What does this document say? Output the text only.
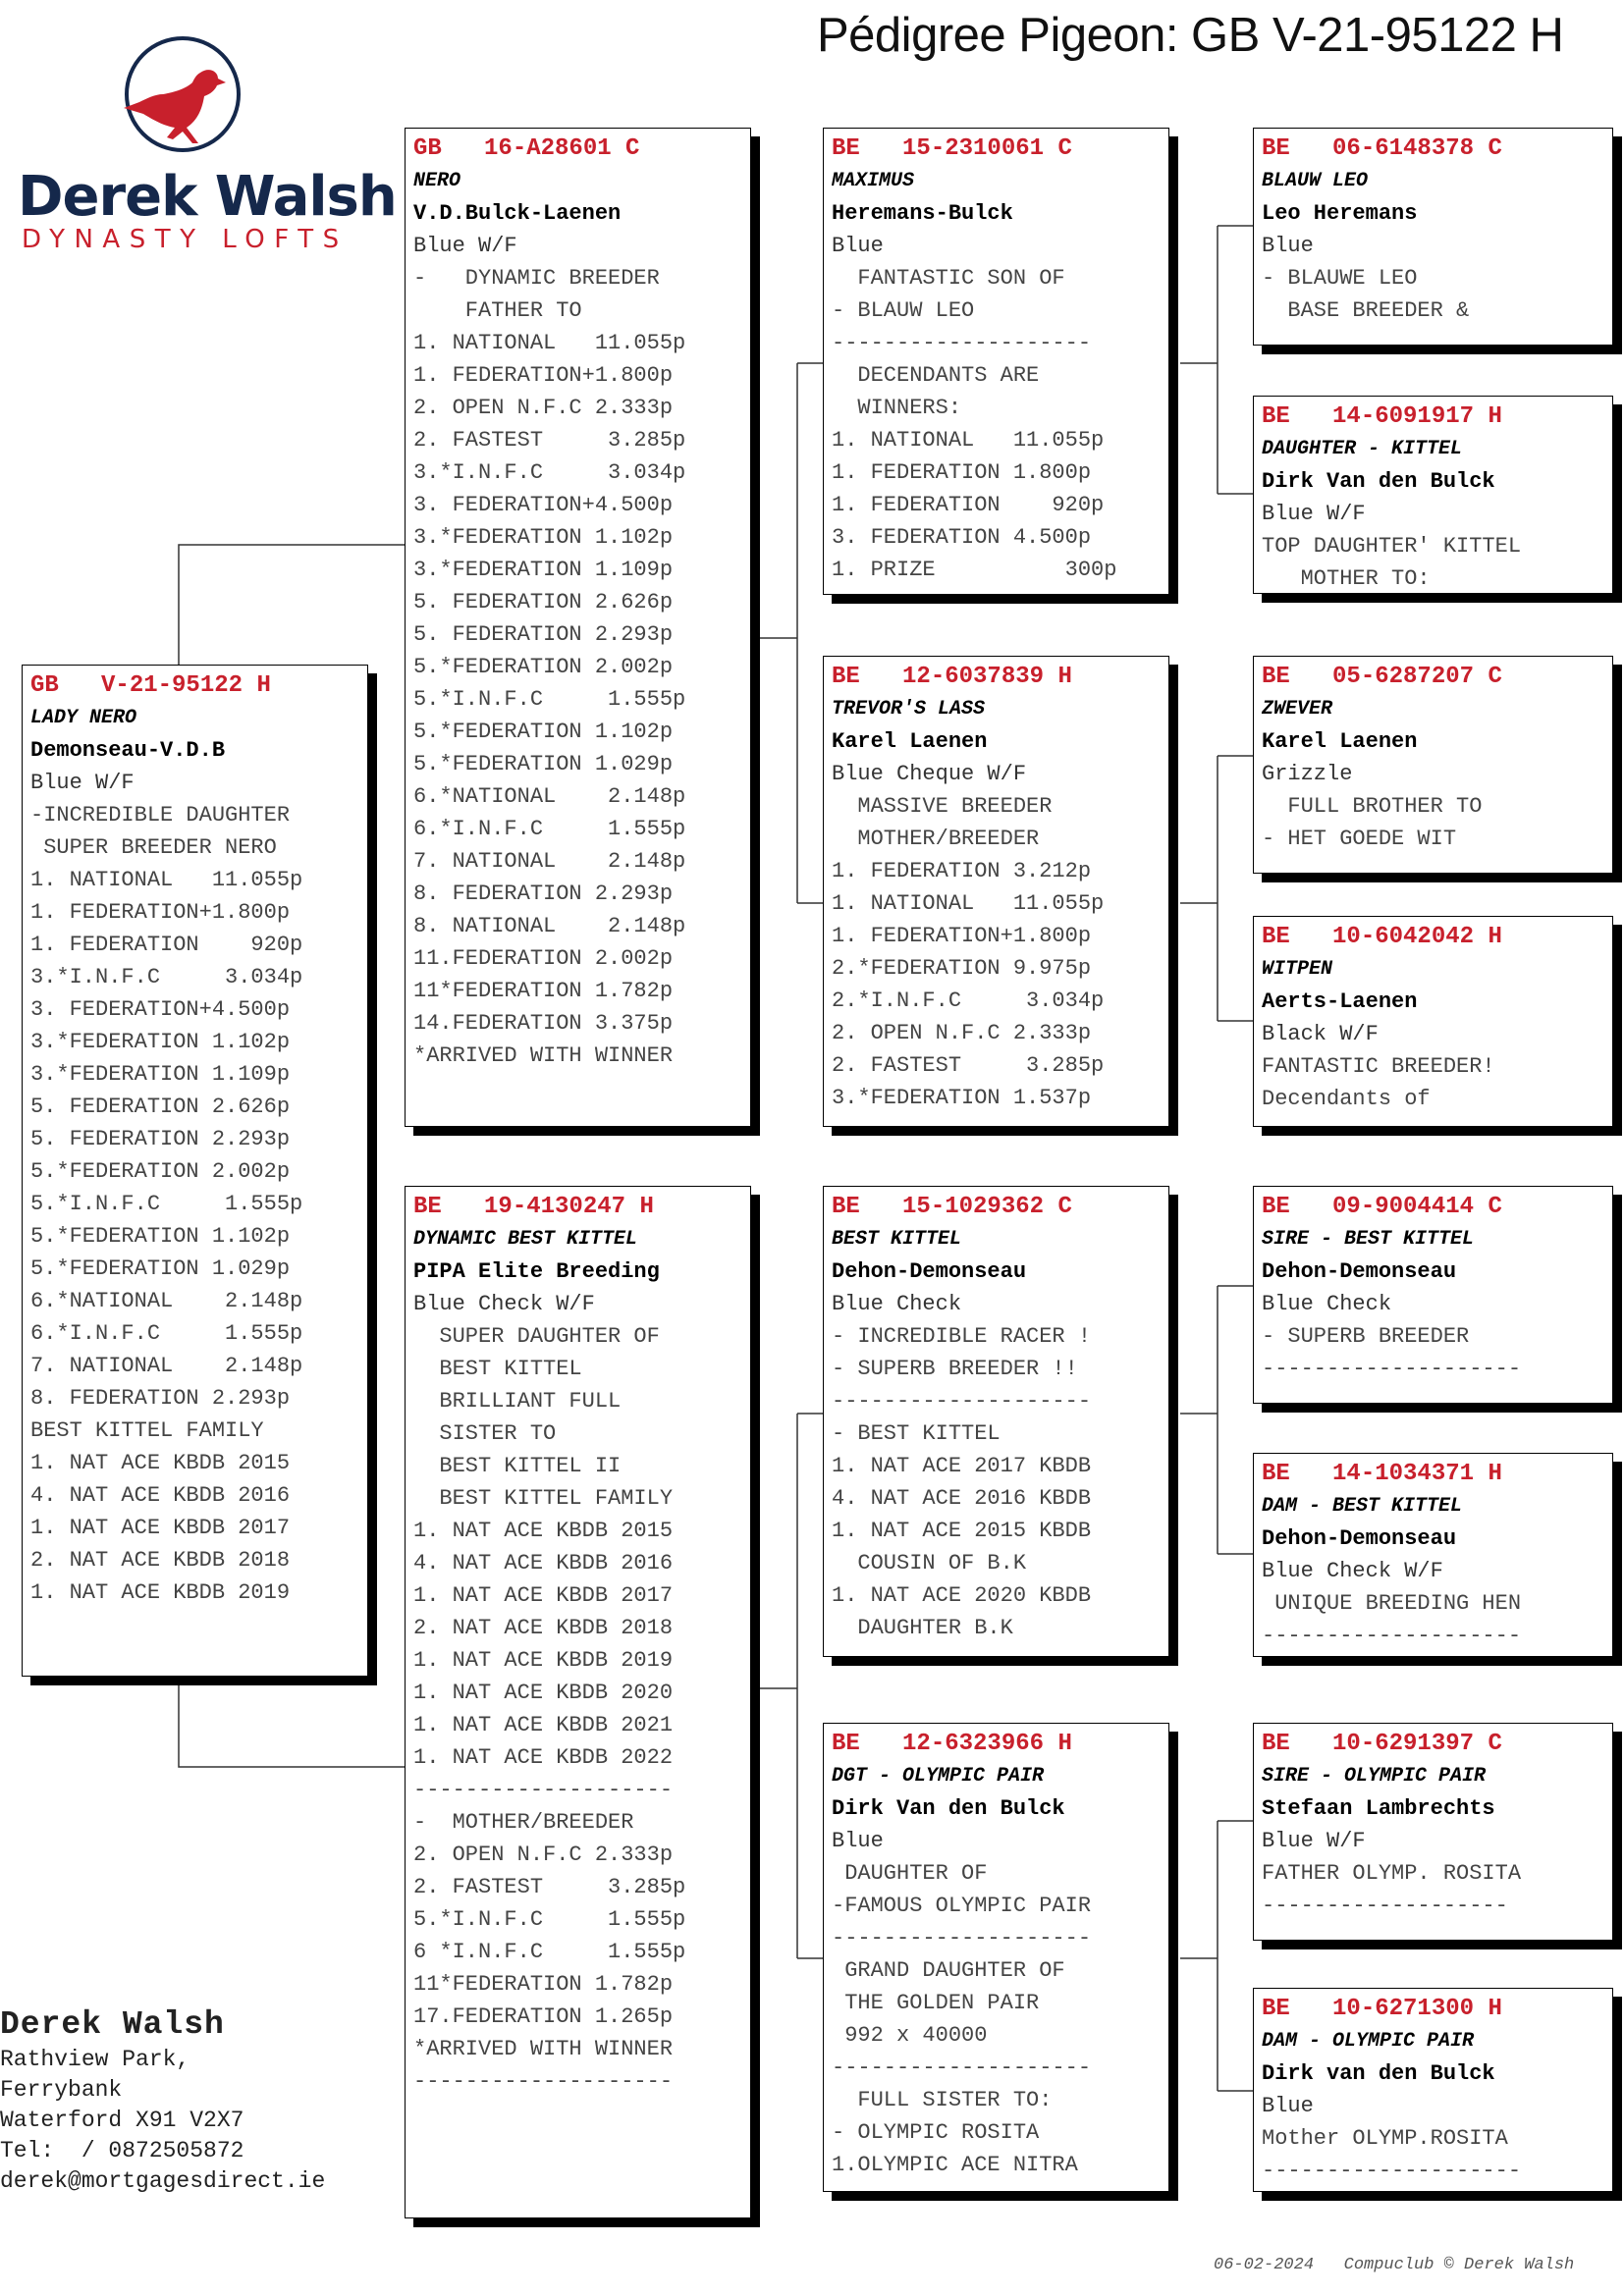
Pédigree Pigeon: GB V-21-95122 H
Derek Walsh
DYNASTY LOFTS
GB   V-21-95122 H
LADY NERO
Demonseau-V.D.B
Blue W/F
-INCREDIBLE DAUGHTER
SUPER BREEDER NERO
1. NATIONAL   11.055p
1. FEDERATION+1.800p
1. FEDERATION    920p
3.*I.N.F.C     3.034p
3. FEDERATION+4.500p
3.*FEDERATION 1.102p
3.*FEDERATION 1.109p
5. FEDERATION 2.626p
5. FEDERATION 2.293p
5.*FEDERATION 2.002p
5.*I.N.F.C     1.555p
5.*FEDERATION 1.102p
5.*FEDERATION 1.029p
6.*NATIONAL    2.148p
6.*I.N.F.C     1.555p
7. NATIONAL    2.148p
8. FEDERATION 2.293p
BEST KITTEL FAMILY
1. NAT ACE KBDB 2015
4. NAT ACE KBDB 2016
1. NAT ACE KBDB 2017
2. NAT ACE KBDB 2018
1. NAT ACE KBDB 2019
GB   16-A28601 C
NERO
V.D.Bulck-Laenen
Blue W/F
-   DYNAMIC BREEDER
FATHER TO
1. NATIONAL   11.055p
1. FEDERATION+1.800p
2. OPEN N.F.C 2.333p
2. FASTEST     3.285p
3.*I.N.F.C     3.034p
3. FEDERATION+4.500p
3.*FEDERATION 1.102p
3.*FEDERATION 1.109p
5. FEDERATION 2.626p
5. FEDERATION 2.293p
5.*FEDERATION 2.002p
5.*I.N.F.C     1.555p
5.*FEDERATION 1.102p
5.*FEDERATION 1.029p
6.*NATIONAL    2.148p
6.*I.N.F.C     1.555p
7. NATIONAL    2.148p
8. FEDERATION 2.293p
8. NATIONAL    2.148p
11.FEDERATION 2.002p
11*FEDERATION 1.782p
14.FEDERATION 3.375p
*ARRIVED WITH WINNER
BE   19-4130247 H
DYNAMIC BEST KITTEL
PIPA Elite Breeding
Blue Check W/F
SUPER DAUGHTER OF
BEST KITTEL
BRILLIANT FULL
SISTER TO
BEST KITTEL II
BEST KITTEL FAMILY
1. NAT ACE KBDB 2015
4. NAT ACE KBDB 2016
1. NAT ACE KBDB 2017
2. NAT ACE KBDB 2018
1. NAT ACE KBDB 2019
1. NAT ACE KBDB 2020
1. NAT ACE KBDB 2021
1. NAT ACE KBDB 2022
--------------------
-  MOTHER/BREEDER
2. OPEN N.F.C 2.333p
2. FASTEST     3.285p
5.*I.N.F.C     1.555p
6 *I.N.F.C     1.555p
11*FEDERATION 1.782p
17.FEDERATION 1.265p
*ARRIVED WITH WINNER
--------------------
BE   15-2310061 C
MAXIMUS
Heremans-Bulck
Blue
FANTASTIC SON OF
- BLAUW LEO
--------------------
DECENDANTS ARE
WINNERS:
1. NATIONAL   11.055p
1. FEDERATION 1.800p
1. FEDERATION    920p
3. FEDERATION 4.500p
1. PRIZE          300p
BE   12-6037839 H
TREVOR'S LASS
Karel Laenen
Blue Cheque W/F
MASSIVE BREEDER
MOTHER/BREEDER
1. FEDERATION 3.212p
1. NATIONAL   11.055p
1. FEDERATION+1.800p
2.*FEDERATION 9.975p
2.*I.N.F.C     3.034p
2. OPEN N.F.C 2.333p
2. FASTEST     3.285p
3.*FEDERATION 1.537p
BE   15-1029362 C
BEST KITTEL
Dehon-Demonseau
Blue Check
- INCREDIBLE RACER !
- SUPERB BREEDER !!
--------------------
- BEST KITTEL
1. NAT ACE 2017 KBDB
4. NAT ACE 2016 KBDB
1. NAT ACE 2015 KBDB
COUSIN OF B.K
1. NAT ACE 2020 KBDB
DAUGHTER B.K
BE   12-6323966 H
DGT - OLYMPIC PAIR
Dirk Van den Bulck
Blue
DAUGHTER OF
-FAMOUS OLYMPIC PAIR
--------------------
GRAND DAUGHTER OF
THE GOLDEN PAIR
992 x 40000
--------------------
FULL SISTER TO:
- OLYMPIC ROSITA
1.OLYMPIC ACE NITRA
BE   06-6148378 C
BLAUW LEO
Leo Heremans
Blue
- BLAUWE LEO
BASE BREEDER &
BE   14-6091917 H
DAUGHTER - KITTEL
Dirk Van den Bulck
Blue W/F
TOP DAUGHTER' KITTEL
MOTHER TO:
BE   05-6287207 C
ZWEVER
Karel Laenen
Grizzle
FULL BROTHER TO
- HET GOEDE WIT
BE   10-6042042 H
WITPEN
Aerts-Laenen
Black W/F
FANTASTIC BREEDER!
Decendants of
BE   09-9004414 C
SIRE - BEST KITTEL
Dehon-Demonseau
Blue Check
- SUPERB BREEDER
--------------------
BE   14-1034371 H
DAM - BEST KITTEL
Dehon-Demonseau
Blue Check W/F
UNIQUE BREEDING HEN
--------------------
BE   10-6291397 C
SIRE - OLYMPIC PAIR
Stefaan Lambrechts
Blue W/F
FATHER OLYMP. ROSITA
-------------------
BE   10-6271300 H
DAM - OLYMPIC PAIR
Dirk van den Bulck
Blue
Mother OLYMP.ROSITA
--------------------
Derek Walsh
Rathview Park,
Ferrybank
Waterford X91 V2X7
Tel:  / 0872505872
derek@mortgagesdirect.ie
06-02-2024   Compuclub © Derek Walsh
